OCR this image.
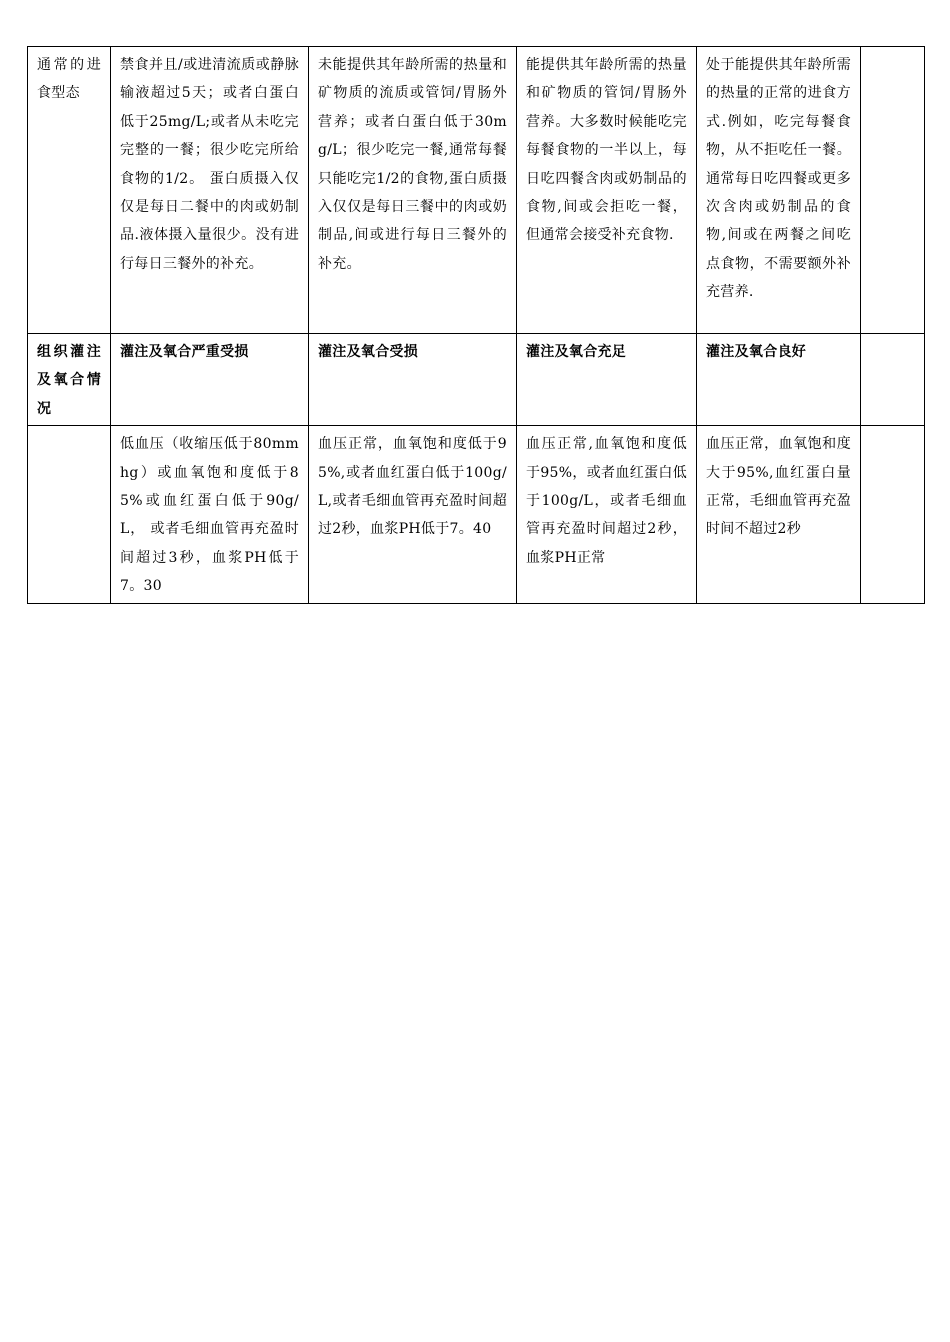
通常的进食型态	禁食并且/或进清流质或静脉输液超过5天；或者白蛋白低于25mg/L;或者从未吃完完整的一餐；很少吃完所给食物的1/2。 蛋白质摄入仅仅是每日二餐中的肉或奶制品.液体摄入量很少。没有进行每日三餐外的补充。	未能提供其年龄所需的热量和矿物质的流质或管饲/胃肠外营养；或者白蛋白低于30mg/L；很少吃完一餐,通常每餐只能吃完1/2的食物,蛋白质摄入仅仅是每日三餐中的肉或奶制品,间或进行每日三餐外的补充。	能提供其年龄所需的热量和矿物质的管饲/胃肠外营养。大多数时候能吃完每餐食物的一半以上，每日吃四餐含肉或奶制品的食物,间或会拒吃一餐，但通常会接受补充食物.	处于能提供其年龄所需的热量的正常的进食方式.例如，吃完每餐食物，从不拒吃任一餐。通常每日吃四餐或更多次含肉或奶制品的食物,间或在两餐之间吃点食物，不需要额外补充营养.	
组织灌注及氧合情况	灌注及氧合严重受损	灌注及氧合受损	灌注及氧合充足	灌注及氧合良好	
	低血压（收缩压低于80mmhg）或血氧饱和度低于85%或血红蛋白低于90g/L， 或者毛细血管再充盈时间超过3秒，血浆PH低于7。30	血压正常，血氧饱和度低于95%,或者血红蛋白低于100g/L,或者毛细血管再充盈时间超过2秒，血浆PH低于7。40	血压正常,血氧饱和度低于95%，或者血红蛋白低于100g/L，或者毛细血管再充盈时间超过2秒，血浆PH正常	血压正常，血氧饱和度大于95%,血红蛋白量正常，毛细血管再充盈时间不超过2秒	
